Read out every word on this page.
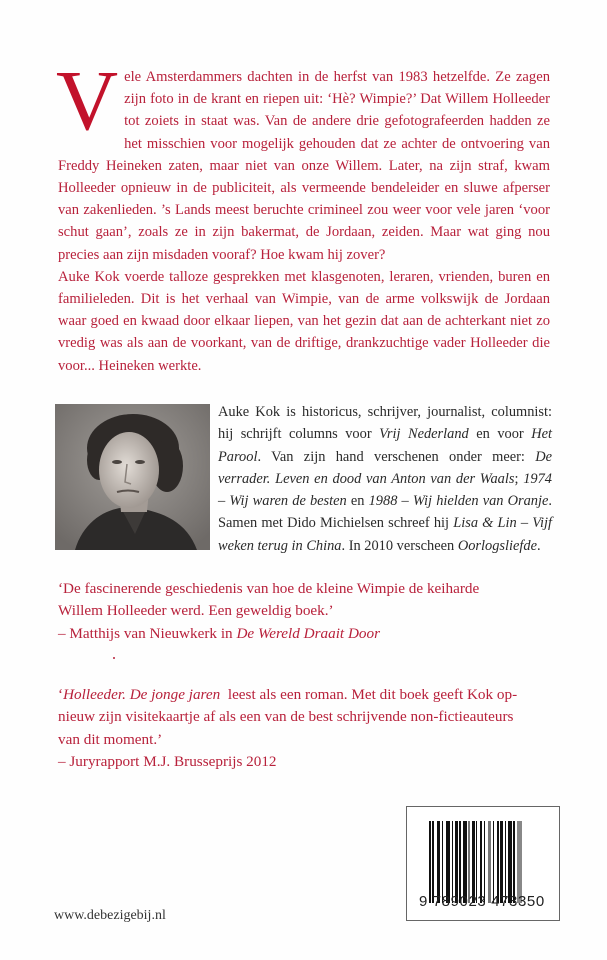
Vele Amsterdammers dachten in de herfst van 1983 hetzelfde. Ze zagen zijn foto in de krant en riepen uit: ‘Hè? Wimpie?’ Dat Willem Holleeder tot zoiets in staat was. Van de andere drie gefotografeerden hadden ze het misschien voor mogelijk gehouden dat ze achter de ontvoering van Freddy Heineken zaten, maar niet van onze Willem. Later, na zijn straf, kwam Holleeder opnieuw in de publiciteit, als vermeende bendeleider en sluwe afperser van zakenlieden. ’s Lands meest beruchte crimineel zou weer voor vele jaren ‘voor schut gaan’, zoals ze in zijn bakermat, de Jordaan, zeiden. Maar wat ging nou precies aan zijn misdaden vooraf? Hoe kwam hij zover?

Auke Kok voerde talloze gesprekken met klasgenoten, leraren, vrienden, buren en familieleden. Dit is het verhaal van Wimpie, van de arme volkswijk de Jordaan waar goed en kwaad door elkaar liepen, van het gezin dat aan de achterkant niet zo vredig was als aan de voorkant, van de driftige, drankzuchtige vader Holleeder die voor... Heineken werkte.

Auke Kok is historicus, schrijver, journalist, columnist: hij schrijft columns voor Vrij Nederland en voor Het Parool. Van zijn hand verschenen onder meer: De verrader. Leven en dood van Anton van der Waals; 1974 – Wij waren de besten en 1988 – Wij hielden van Oranje. Samen met Dido Michielsen schreef hij Lisa & Lin – Vijf weken terug in China. In 2010 verscheen Oorlogsliefde.
‘De fascinerende geschiedenis van hoe de kleine Wimpie de keiharde
Willem Holleeder werd. Een geweldig boek.’
– Matthijs van Nieuwkerk in De Wereld Draait Door
‘Holleeder. De jonge jaren  leest als een roman. Met dit boek geeft Kok op-
nieuw zijn visitekaartje af als een van de best schrijvende non-fictieauteurs
van dit moment.’
– Juryrapport M.J. Brusseprijs 2012
9 789023 473350
www.debezigebij.nl
